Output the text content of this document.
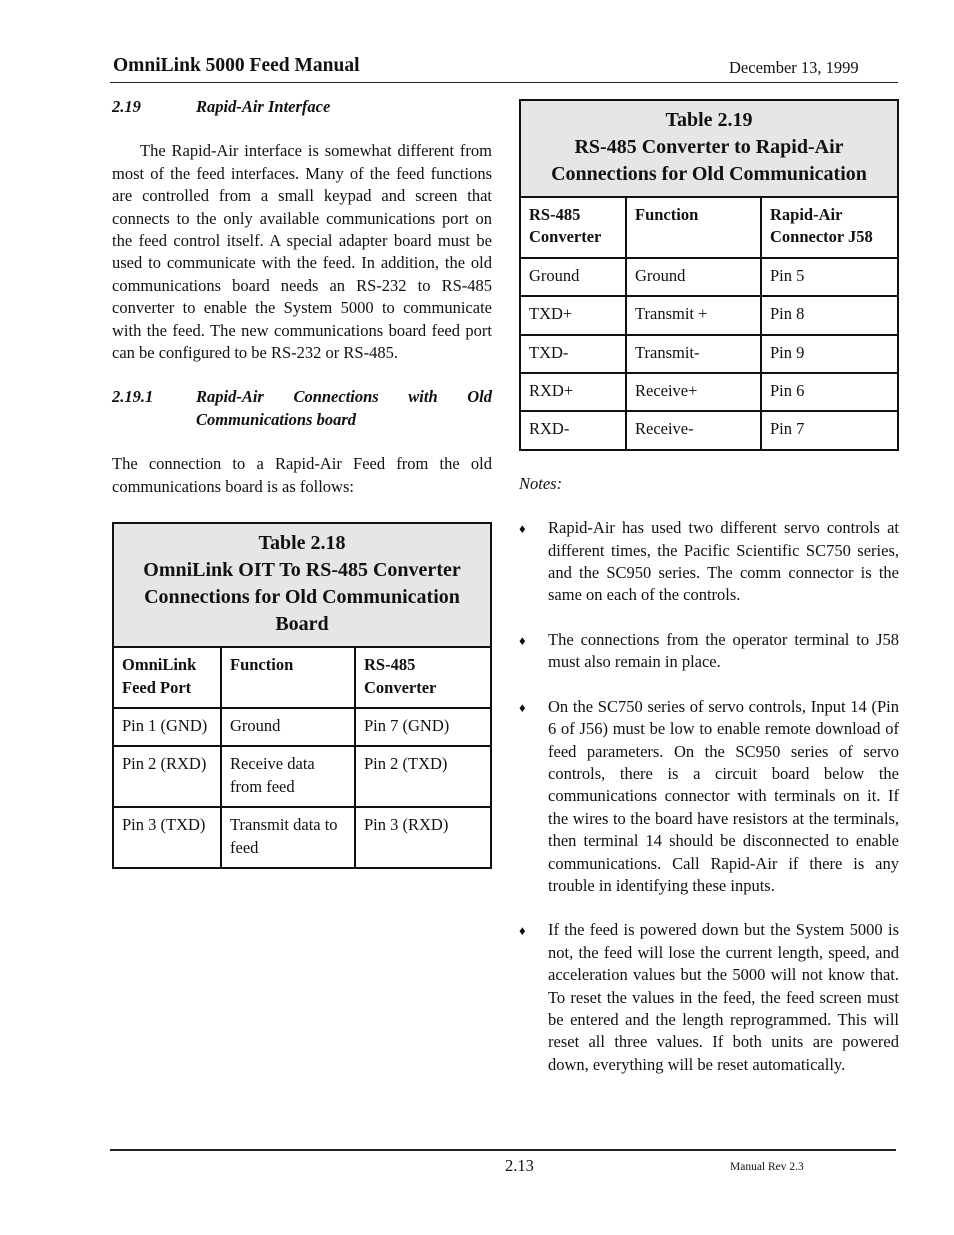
OmniLink 5000 Feed Manual	December 13, 1999
2.19	Rapid-Air Interface

The Rapid-Air interface is somewhat different from most of the feed interfaces. Many of the feed functions are controlled from a small keypad and screen that connects to the only available communications port on the feed control itself. A special adapter board must be used to communicate with the feed. In addition, the old communications board needs an RS-232 to RS-485 converter to enable the System 5000 to communicate with the feed. The new communications board feed port can be configured to be RS-232 or RS-485.

2.19.1	Rapid-Air Connections with Old Communications board

The connection to a Rapid-Air Feed from the old communications board is as follows:

Table 2.18
OmniLink OIT To RS-485 Converter Connections for Old Communication Board		

OmniLink Feed Port	Function	RS-485 Converter
Pin 1 (GND)	Ground	Pin 7 (GND)
Pin 2 (RXD)	Receive data from feed	Pin 2 (TXD)
Pin 3 (TXD)	Transmit data to feed	Pin 3 (RXD)
Table 2.19
RS-485 Converter to Rapid-Air Connections for Old Communication		

RS-485 Converter	Function	Rapid-Air Connector J58
Ground	Ground	Pin 5
TXD+	Transmit +	Pin 8
TXD-	Transmit-	Pin 9
RXD+	Receive+	Pin 6
RXD-	Receive-	Pin 7
Notes:
♦	Rapid-Air has used two different servo controls at different times, the Pacific Scientific SC750 series, and the SC950 series. The comm connector is the same on each of the controls.
♦	The connections from the operator terminal to J58 must also remain in place.
♦	On the SC750 series of servo controls, Input 14 (Pin 6 of J56) must be low to enable remote download of feed parameters. On the SC950 series of servo controls, there is a circuit board below the communications connector with terminals on it. If the wires to the board have resistors at the terminals, then terminal 14 should be disconnected to enable communications. Call Rapid-Air if there is any trouble in identifying these inputs.
♦	If the feed is powered down but the System 5000 is not, the feed will lose the current length, speed, and acceleration values but the 5000 will not know that. To reset the values in the feed, the feed screen must be entered and the length reprogrammed. This will reset all three values. If both units are powered down, everything will be reset automatically.
2.13	Manual Rev 2.3
